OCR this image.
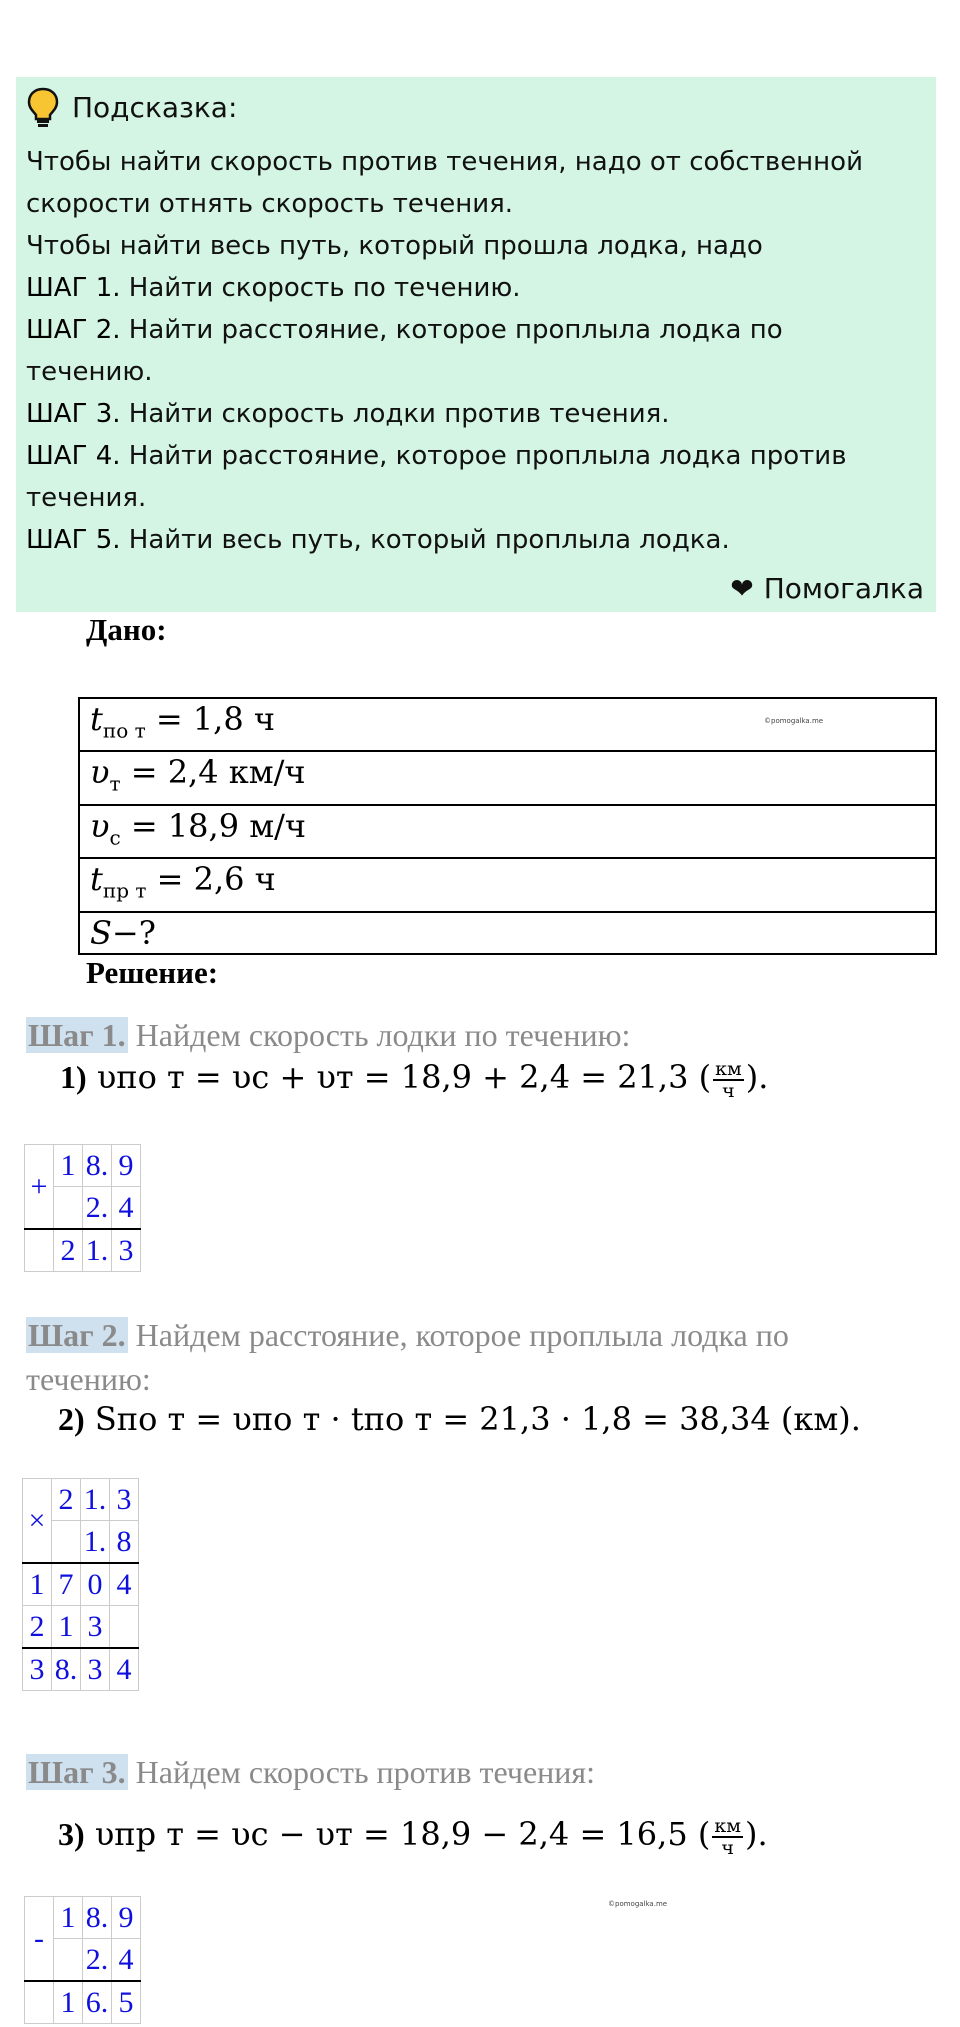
Подсказка:
Чтобы найти скорость против течения, надо от собственной
скорости отнять скорость течения.
Чтобы найти весь путь, который прошла лодка, надо
ШАГ 1. Найти скорость по течению.
ШАГ 2. Найти расстояние, которое проплыла лодка по
течению.
ШАГ 3. Найти скорость лодки против течения.
ШАГ 4. Найти расстояние, которое проплыла лодка против
течения.
ШАГ 5. Найти весь путь, который проплыла лодка.
❤ Помогалка
Дано:
$t_{по т} = 1,8$ ч
$\upsilon_т = 2,4$ км/ч
$\upsilon_с = 18,9$ м/ч
$t_{пр т} = 2,6$ ч
S−?
©pomogalka.me
Решение:
Шаг 1. Найдем скорость лодки по течению:
1) υпо т = υс + υт = 18,9 + 2,4 = 21,3 ( $\frac{км}{ч}$ ).
+	1	8.	9
		2.	4
	2	1.	3
Шаг 2. Найдем расстояние, которое проплыла лодка по
течению:
2) Sпо т = υпо т · tпо т = 21,3 · 1,8 = 38,34 (км).
×	2	1.	3
		1.	8
1	7	0	4
2	1	3	
3	8.	3	4
Шаг 3. Найдем скорость против течения:
3) υпр т = υс − υт = 18,9 − 2,4 = 16,5 ( $\frac{км}{ч}$ ).
©pomogalka.me
-	1	8.	9
		2.	4
	1	6.	5
